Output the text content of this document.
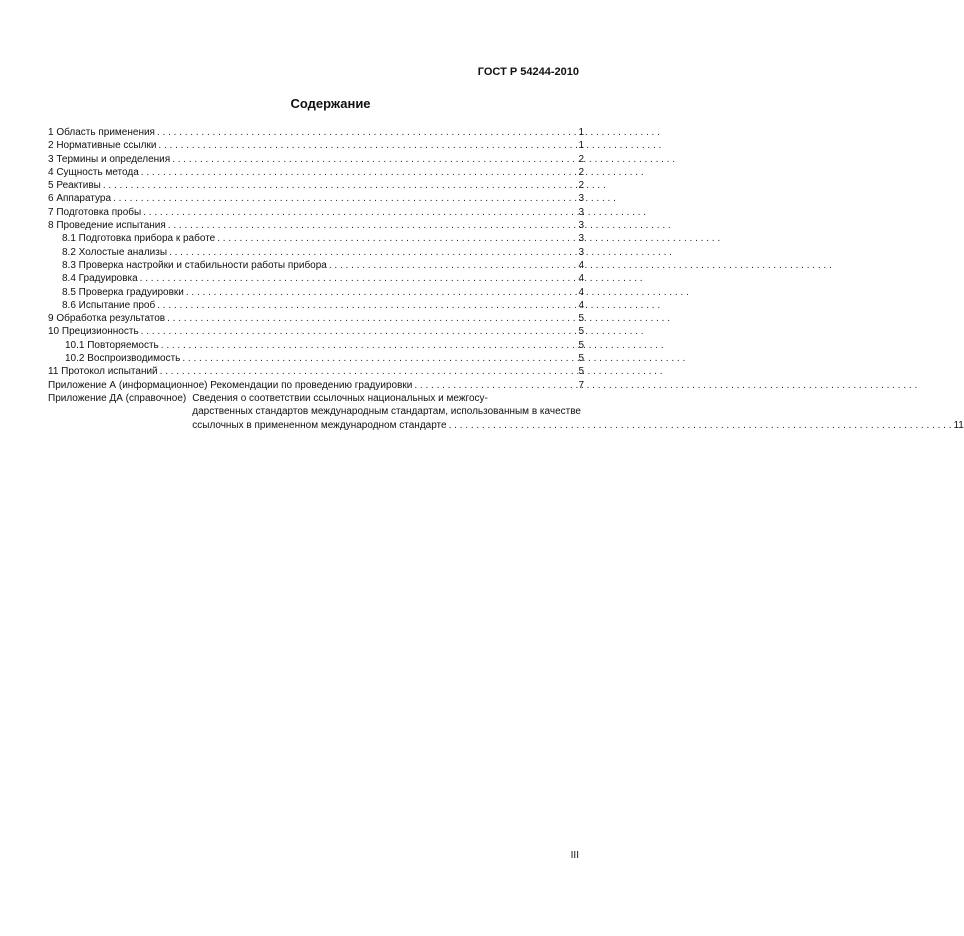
ГОСТ Р 54244-2010
Содержание
1 Область применения . . .	1
2 Нормативные ссылки . . .	1
3 Термины и определения . . .	2
4 Сущность метода . . .	2
5 Реактивы . . .	2
6 Аппаратура . . .	3
7 Подготовка пробы . . .	3
8 Проведение испытания . . .	3
8.1 Подготовка прибора к работе . . .	3
8.2 Холостые анализы . . .	3
8.3 Проверка настройки и стабильности работы прибора . . .	4
8.4 Градуировка . . .	4
8.5 Проверка градуировки . . .	4
8.6 Испытание проб . . .	4
9 Обработка результатов . . .	5
10 Прецизионность . . .	5
10.1 Повторяемость . . .	5
10.2 Воспроизводимость . . .	5
11 Протокол испытаний . . .	5
Приложение А (информационное) Рекомендации по проведению градуировки . . .	7
Приложение ДА (справочное) Сведения о соответствии ссылочных национальных и межгосу-
дарственных стандартов международным стандартам, использованным в качестве
ссылочных в примененном международном стандарте . . .	11
III
